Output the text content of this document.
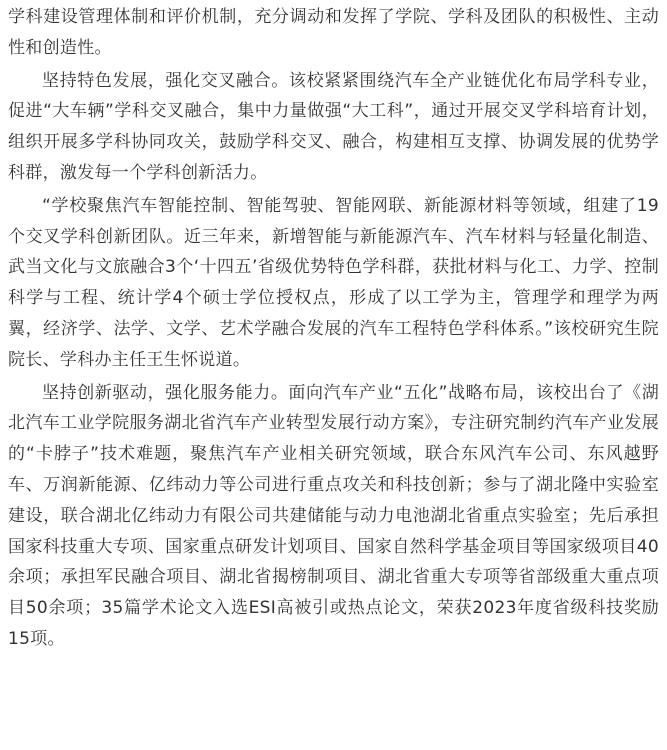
学科建设管理体制和评价机制，充分调动和发挥了学院、学科及团队的积极性、主动性和创造性。

坚持特色发展，强化交叉融合。该校紧紧围绕汽车全产业链优化布局学科专业，促进“大车辆”学科交叉融合，集中力量做强“大工科”，通过开展交叉学科培育计划，组织开展多学科协同攻关，鼓励学科交叉、融合，构建相互支撑、协调发展的优势学科群，激发每一个学科创新活力。

“学校聚焦汽车智能控制、智能驾驶、智能网联、新能源材料等领域，组建了19个交叉学科创新团队。近三年来，新增智能与新能源汽车、汽车材料与轻量化制造、武当文化与文旅融合3个‘十四五’省级优势特色学科群，获批材料与化工、力学、控制科学与工程、统计学4个硕士学位授权点，形成了以工学为主，管理学和理学为两翼，经济学、法学、文学、艺术学融合发展的汽车工程特色学科体系。”该校研究生院院长、学科办主任王生怀说道。

坚持创新驱动，强化服务能力。面向汽车产业“五化”战略布局，该校出台了《湖北汽车工业学院服务湖北省汽车产业转型发展行动方案》，专注研究制约汽车产业发展的“卡脖子”技术难题，聚焦汽车产业相关研究领域，联合东风汽车公司、东风越野车、万润新能源、亿纬动力等公司进行重点攻关和科技创新；参与了湖北隆中实验室建设，联合湖北亿纬动力有限公司共建储能与动力电池湖北省重点实验室；先后承担国家科技重大专项、国家重点研发计划项目、国家自然科学基金项目等国家级项目40余项；承担军民融合项目、湖北省揭榜制项目、湖北省重大专项等省部级重大重点项目50余项；35篇学术论文入选ESI高被引或热点论文，荣获2023年度省级科技奖励15项。
